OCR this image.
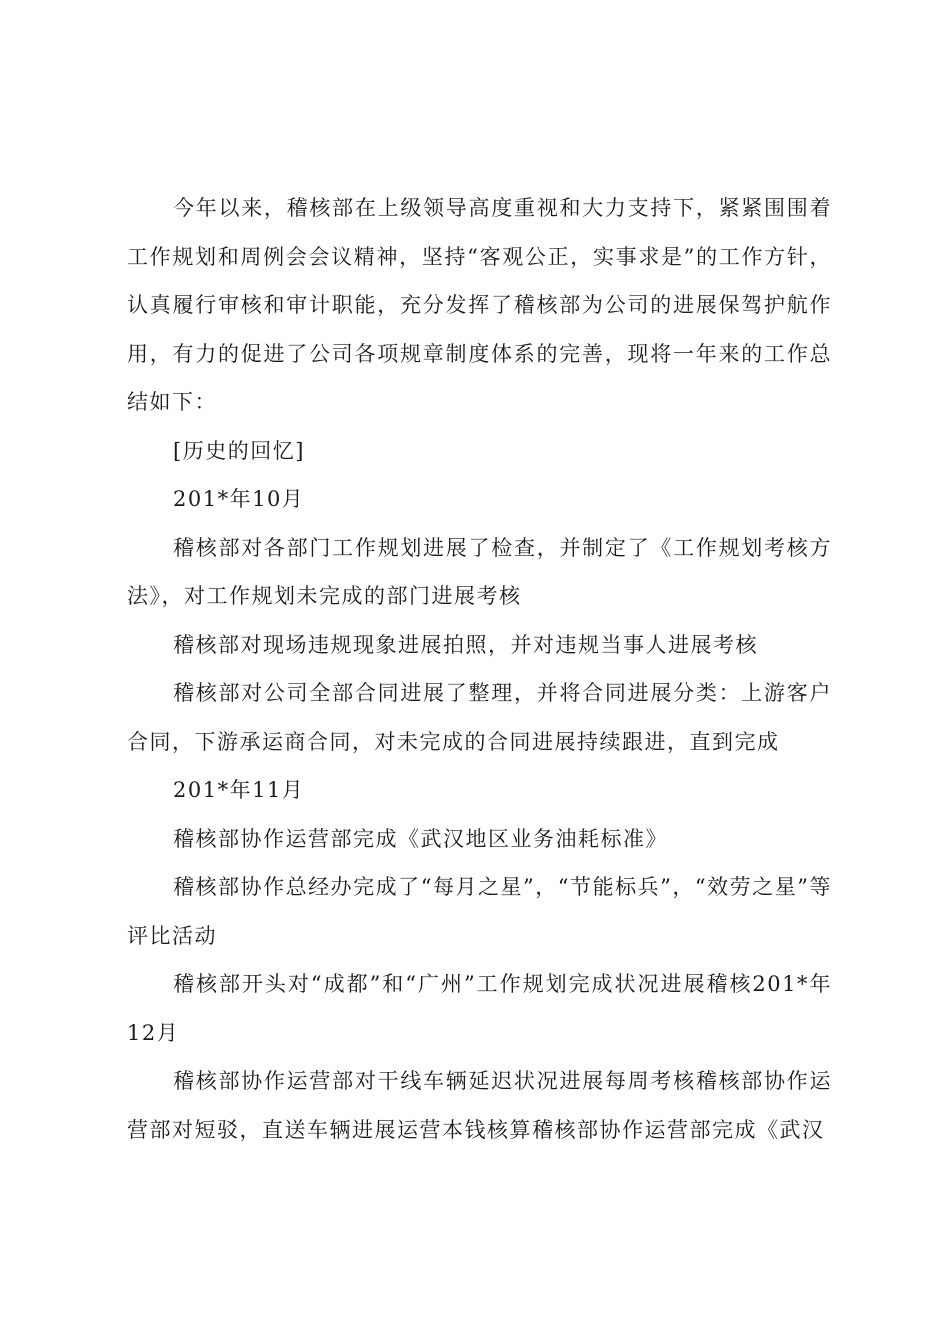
今年以来，稽核部在上级领导高度重视和大力支持下，紧紧围围着工作规划和周例会会议精神，坚持“客观公正，实事求是”的工作方针，认真履行审核和审计职能，充分发挥了稽核部为公司的进展保驾护航作用，有力的促进了公司各项规章制度体系的完善，现将一年来的工作总结如下：

[历史的回忆]

201*年10月

稽核部对各部门工作规划进展了检查，并制定了《工作规划考核方法》，对工作规划未完成的部门进展考核

稽核部对现场违规现象进展拍照，并对违规当事人进展考核

稽核部对公司全部合同进展了整理，并将合同进展分类：上游客户合同，下游承运商合同，对未完成的合同进展持续跟进，直到完成

201*年11月

稽核部协作运营部完成《武汉地区业务油耗标准》

稽核部协作总经办完成了“每月之星”，“节能标兵”，“效劳之星”等评比活动

稽核部开头对“成都”和“广州”工作规划完成状况进展稽核201*年12月

稽核部协作运营部对干线车辆延迟状况进展每周考核稽核部协作运营部对短驳，直送车辆进展运营本钱核算稽核部协作运营部完成《武汉
